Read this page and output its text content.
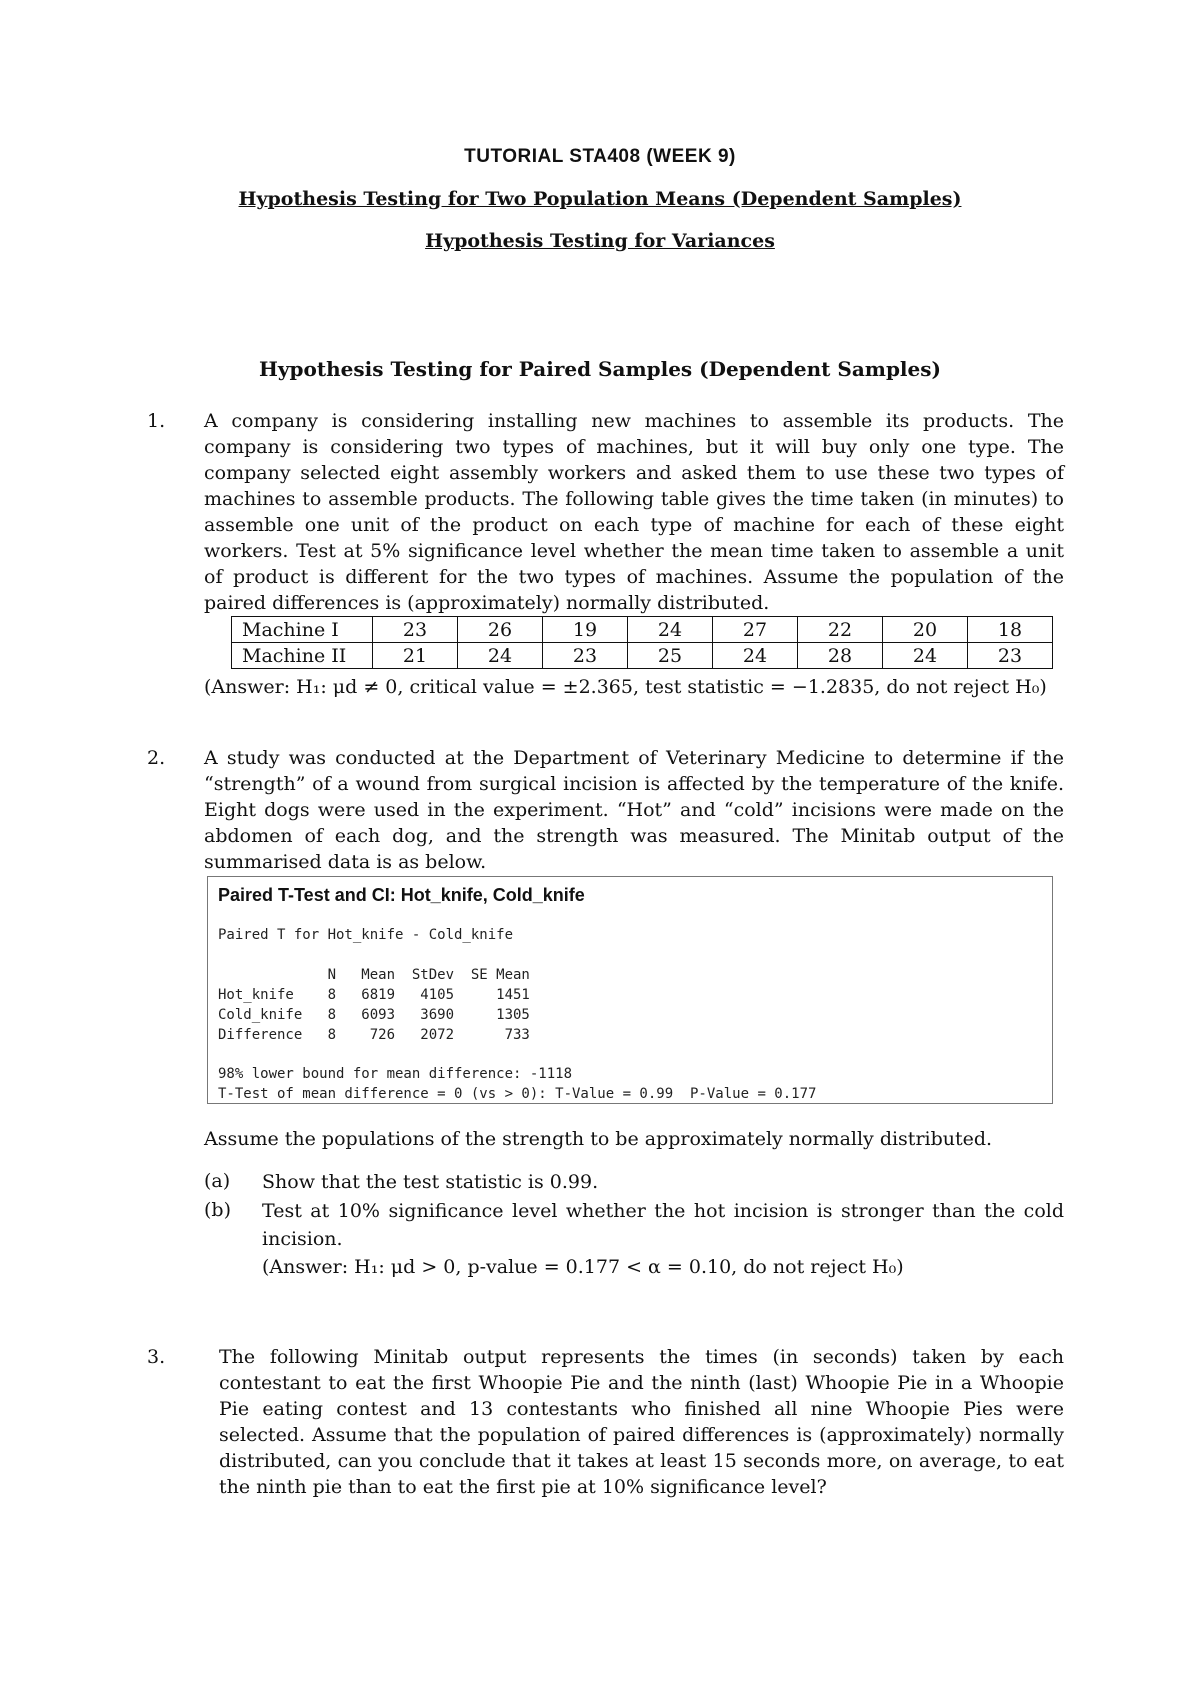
TUTORIAL STA408 (WEEK 9)
Hypothesis Testing for Two Population Means (Dependent Samples)
Hypothesis Testing for Variances
Hypothesis Testing for Paired Samples (Dependent Samples)
1. A company is considering installing new machines to assemble its products. The company is considering two types of machines, but it will buy only one type. The company selected eight assembly workers and asked them to use these two types of machines to assemble products. The following table gives the time taken (in minutes) to assemble one unit of the product on each type of machine for each of these eight workers. Test at 5% significance level whether the mean time taken to assemble a unit of product is different for the two types of machines. Assume the population of the paired differences is (approximately) normally distributed.
Machine I	23	26	19	24	27	22	20	18
Machine II	21	24	23	25	24	28	24	23
(Answer: H₁: μd ≠ 0, critical value = ±2.365, test statistic = −1.2835, do not reject H₀)
2. A study was conducted at the Department of Veterinary Medicine to determine if the “strength” of a wound from surgical incision is affected by the temperature of the knife. Eight dogs were used in the experiment. “Hot” and “cold” incisions were made on the abdomen of each dog, and the strength was measured. The Minitab output of the summarised data is as below.
Paired T-Test and CI: Hot_knife, Cold_knife
Paired T for Hot_knife - Cold_knife
N   Mean  StDev  SE Mean
Hot_knife    8   6819   4105     1451
Cold_knife   8   6093   3690     1305
Difference   8    726   2072      733
98% lower bound for mean difference: -1118
T-Test of mean difference = 0 (vs > 0): T-Value = 0.99  P-Value = 0.177
Assume the populations of the strength to be approximately normally distributed.
(a) Show that the test statistic is 0.99.
(b) Test at 10% significance level whether the hot incision is stronger than the cold incision.
(Answer: H₁: μd > 0, p-value = 0.177 < α = 0.10, do not reject H₀)
3.	The following Minitab output represents the times (in seconds) taken by each contestant to eat the first Whoopie Pie and the ninth (last) Whoopie Pie in a Whoopie Pie eating contest and 13 contestants who finished all nine Whoopie Pies were selected. Assume that the population of paired differences is (approximately) normally distributed, can you conclude that it takes at least 15 seconds more, on average, to eat the ninth pie than to eat the first pie at 10% significance level?
